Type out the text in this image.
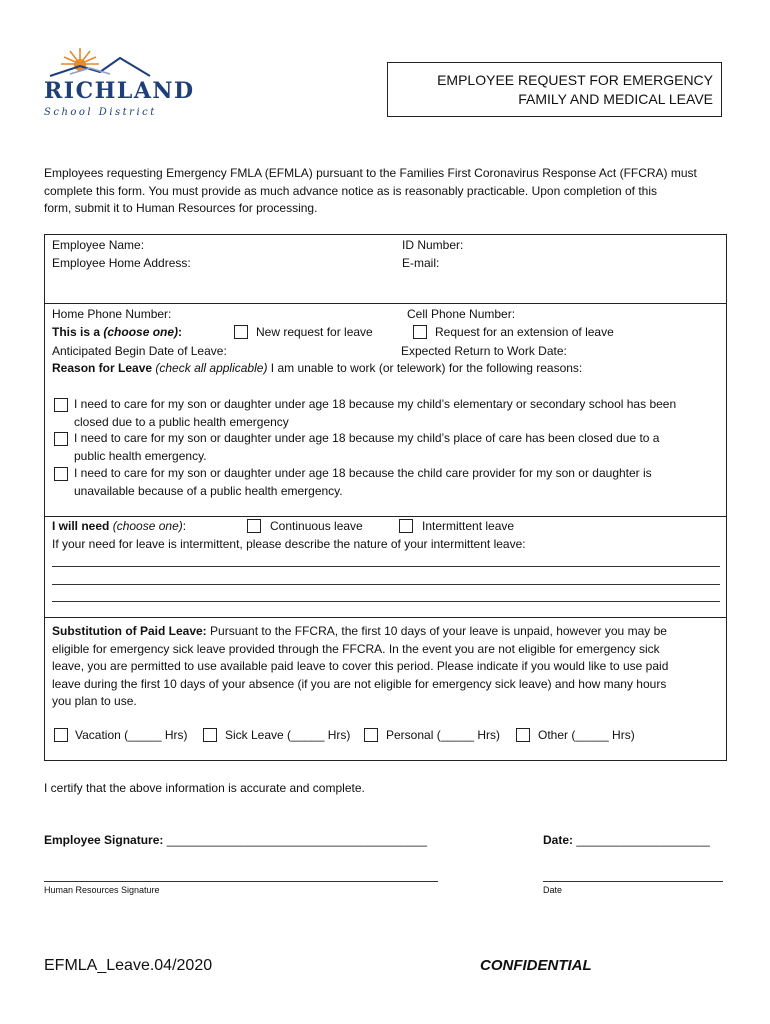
RICHLAND
School District
EMPLOYEE REQUEST FOR EMERGENCY
FAMILY AND MEDICAL LEAVE
Employees requesting Emergency FMLA (EFMLA) pursuant to the Families First Coronavirus Response Act (FFCRA) must
complete this form. You must provide as much advance notice as is reasonably practicable. Upon completion of this
form, submit it to Human Resources for processing.
Employee Name:	ID Number:
Employee Home Address:	E-mail:
Home Phone Number:	Cell Phone Number:
This is a (choose one):	New request for leave	Request for an extension of leave
Anticipated Begin Date of Leave:	Expected Return to Work Date:
Reason for Leave (check all applicable) I am unable to work (or telework) for the following reasons:
I need to care for my son or daughter under age 18 because my child’s elementary or secondary school has been
closed due to a public health emergency
I need to care for my son or daughter under age 18 because my child’s place of care has been closed due to a
public health emergency.
I need to care for my son or daughter under age 18 because the child care provider for my son or daughter is
unavailable because of a public health emergency.
I will need (choose one):	Continuous leave	Intermittent leave
If your need for leave is intermittent, please describe the nature of your intermittent leave:
Substitution of Paid Leave: Pursuant to the FFCRA, the first 10 days of your leave is unpaid, however you may be
eligible for emergency sick leave provided through the FFCRA. In the event you are not eligible for emergency sick
leave, you are permitted to use available paid leave to cover this period. Please indicate if you would like to use paid
leave during the first 10 days of your absence (if you are not eligible for emergency sick leave) and how many hours
you plan to use.
Vacation (_____ Hrs)	Sick Leave (_____ Hrs)	Personal (_____ Hrs)	Other (_____ Hrs)
I certify that the above information is accurate and complete.
Employee Signature: _______________________________________	Date: ____________________
Human Resources Signature	Date
EFMLA_Leave.04/2020	CONFIDENTIAL
